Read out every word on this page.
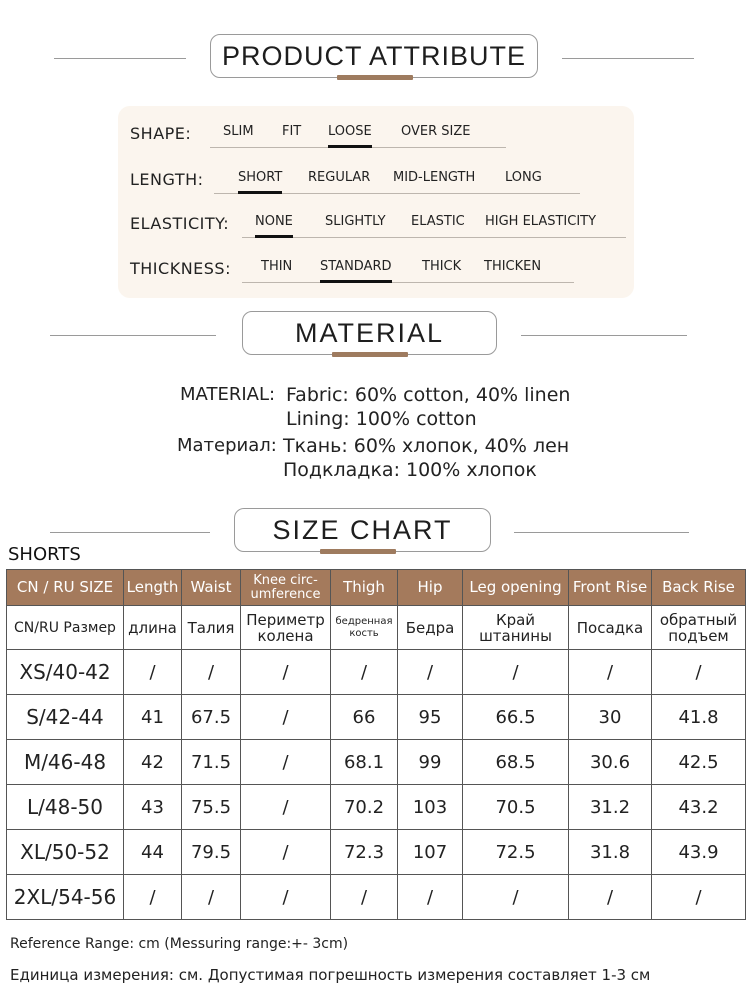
PRODUCT ATTRIBUTE
SHAPE: SLIM FIT LOOSE OVER SIZE
LENGTH:	SHORT REGULAR MID-LENGTH LONG
ELASTICITY: NONE SLIGHTLY ELASTIC HIGH ELASTICITY
THICKNESS: THIN STANDARD THICK THICKEN
MATERIAL
MATERIAL: Fabric: 60% cotton, 40% linen
Lining: 100% cotton
Материал: Ткань: 60% хлопок, 40% лен
Подкладка: 100% хлопок
SIZE CHART
SHORTS
CN / RU SIZE	Length	Waist	Knee circ-
umference	Thigh	Hip	Leg opening	Front Rise	Back Rise
CN/RU Размер	длина	Талия	Периметр колена	бедренная кость	Бедра	Край штанины	Посадка	обратный подъем
XS/40-42	/	/	/	/	/	/	/	/
S/42-44	41	67.5	/	66	95	66.5	30	41.8
M/46-48	42	71.5	/	68.1	99	68.5	30.6	42.5
L/48-50	43	75.5	/	70.2	103	70.5	31.2	43.2
XL/50-52	44	79.5	/	72.3	107	72.5	31.8	43.9
2XL/54-56	/	/	/	/	/	/	/	/
Reference Range: cm (Messuring range:+- 3cm)
Единица измерения: см. Допустимая погрешность измерения составляет 1-3 см
